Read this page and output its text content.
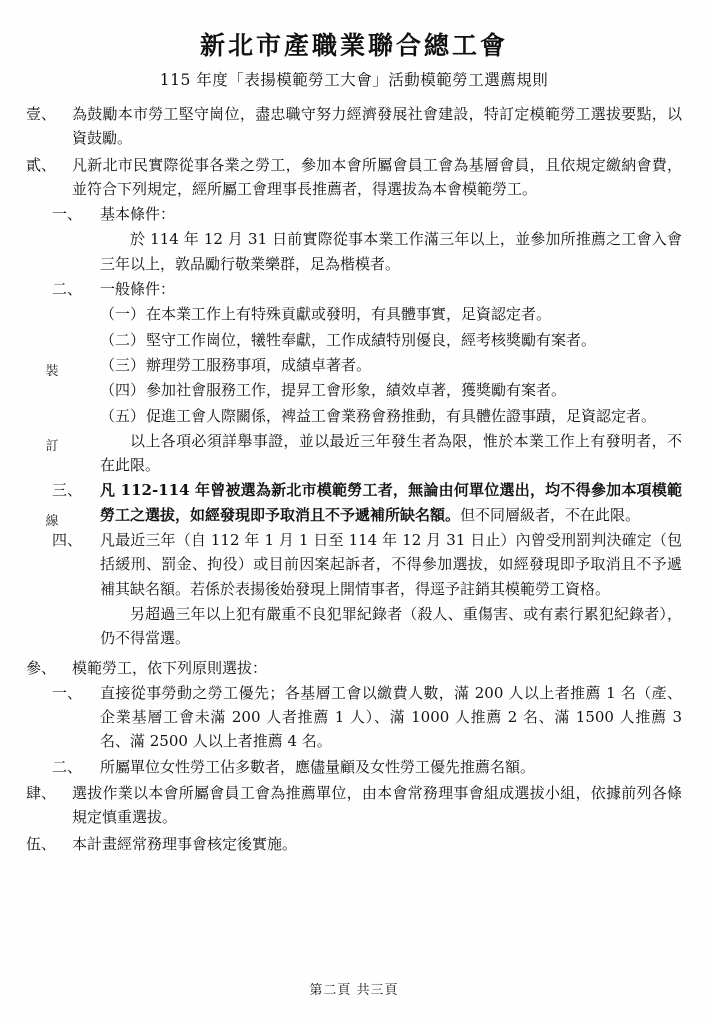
新北市產職業聯合總工會
115 年度「表揚模範勞工大會」活動模範勞工選薦規則
壹、	為鼓勵本市勞工堅守崗位，盡忠職守努力經濟發展社會建設，特訂定模範勞工選拔要點，以資鼓勵。
貳、	凡新北市民實際從事各業之勞工，參加本會所屬會員工會為基層會員，且依規定繳納會費，並符合下列規定，經所屬工會理事長推薦者，得選拔為本會模範勞工。
一、	基本條件：
於 114 年 12 月 31 日前實際從事本業工作滿三年以上，並參加所推薦之工會入會三年以上，敦品勵行敬業樂群，足為楷模者。
二、	一般條件：
（一） 在本業工作上有特殊貢獻或發明，有具體事實，足資認定者。
（二） 堅守工作崗位，犧牲奉獻，工作成績特別優良，經考核獎勵有案者。
（三） 辦理勞工服務事項，成績卓著者。
（四） 參加社會服務工作，提昇工會形象，績效卓著，獲獎勵有案者。
（五） 促進工會人際關係，裨益工會業務會務推動，有具體佐證事蹟，足資認定者。
以上各項必須詳舉事證，並以最近三年發生者為限，惟於本業工作上有發明者，不在此限。
三、	凡 112-114 年曾被選為新北市模範勞工者，無論由何單位選出，均不得參加本項模範勞工之選拔，如經發現即予取消且不予遞補所缺名額。但不同層級者，不在此限。
四、	凡最近三年（自 112 年 1 月 1 日至 114 年 12 月 31 日止）內曾受刑罰判決確定（包括緩刑、罰金、拘役）或目前因案起訴者，不得參加選拔，如經發現即予取消且不予遞補其缺名額。若係於表揚後始發現上開情事者，得逕予註銷其模範勞工資格。
另超過三年以上犯有嚴重不良犯罪紀錄者（殺人、重傷害、或有素行累犯紀錄者），仍不得當選。
參、	模範勞工，依下列原則選拔：
一、	直接從事勞動之勞工優先；各基層工會以繳費人數，滿 200 人以上者推薦 1 名（產、企業基層工會未滿 200 人者推薦 1 人）、滿 1000 人推薦 2 名、滿 1500 人推薦 3 名、滿 2500 人以上者推薦 4 名。
二、	所屬單位女性勞工佔多數者，應儘量顧及女性勞工優先推薦名額。
肆、	選拔作業以本會所屬會員工會為推薦單位，由本會常務理事會組成選拔小組，依據前列各條規定慎重選拔。
伍、	本計畫經常務理事會核定後實施。
裝
訂
線
第二頁 共三頁
